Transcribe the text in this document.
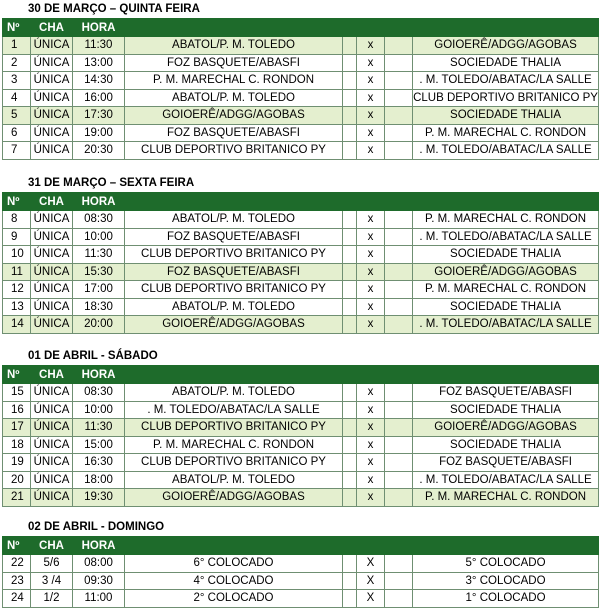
30 DE MARÇO – QUINTA FEIRA
Nº	CHA	HORA					
1	ÚNICA	11:30	ABATOL/P. M. TOLEDO		x		GOIOERÊ/ADGG/AGOBAS
2	ÚNICA	13:00	FOZ BASQUETE/ABASFI		x		SOCIEDADE THALIA
3	ÚNICA	14:30	P. M. MARECHAL C. RONDON		x		. M. TOLEDO/ABATAC/LA SALLE
4	ÚNICA	16:00	ABATOL/P. M. TOLEDO		x		CLUB DEPORTIVO BRITANICO PY
5	ÚNICA	17:30	GOIOERÊ/ADGG/AGOBAS		x		SOCIEDADE THALIA
6	ÚNICA	19:00	FOZ BASQUETE/ABASFI		x		P. M. MARECHAL C. RONDON
7	ÚNICA	20:30	CLUB DEPORTIVO BRITANICO PY		x		. M. TOLEDO/ABATAC/LA SALLE
31 DE MARÇO – SEXTA FEIRA
Nº	CHA	HORA					
8	ÚNICA	08:30	ABATOL/P. M. TOLEDO		x		P. M. MARECHAL C. RONDON
9	ÚNICA	10:00	FOZ BASQUETE/ABASFI		x		. M. TOLEDO/ABATAC/LA SALLE
10	ÚNICA	11:30	CLUB DEPORTIVO BRITANICO PY		x		SOCIEDADE THALIA
11	ÚNICA	15:30	FOZ BASQUETE/ABASFI		x		GOIOERÊ/ADGG/AGOBAS
12	ÚNICA	17:00	CLUB DEPORTIVO BRITANICO PY		x		P. M. MARECHAL C. RONDON
13	ÚNICA	18:30	ABATOL/P. M. TOLEDO		x		SOCIEDADE THALIA
14	ÚNICA	20:00	GOIOERÊ/ADGG/AGOBAS		x		. M. TOLEDO/ABATAC/LA SALLE
01 DE ABRIL - SÁBADO
Nº	CHA	HORA					
15	ÚNICA	08:30	ABATOL/P. M. TOLEDO		x		FOZ BASQUETE/ABASFI
16	ÚNICA	10:00	. M. TOLEDO/ABATAC/LA SALLE		x		SOCIEDADE THALIA
17	ÚNICA	11:30	CLUB DEPORTIVO BRITANICO PY		x		GOIOERÊ/ADGG/AGOBAS
18	ÚNICA	15:00	P. M. MARECHAL C. RONDON		x		SOCIEDADE THALIA
19	ÚNICA	16:30	CLUB DEPORTIVO BRITANICO PY		x		FOZ BASQUETE/ABASFI
20	ÚNICA	18:00	ABATOL/P. M. TOLEDO		x		. M. TOLEDO/ABATAC/LA SALLE
21	ÚNICA	19:30	GOIOERÊ/ADGG/AGOBAS		x		P. M. MARECHAL C. RONDON
02 DE ABRIL - DOMINGO
Nº	CHA	HORA					
22	5/6	08:00	6° COLOCADO		X		5° COLOCADO
23	3 /4	09:30	4° COLOCADO		X		3° COLOCADO
24	1/2	11:00	2° COLOCADO		X		1° COLOCADO
